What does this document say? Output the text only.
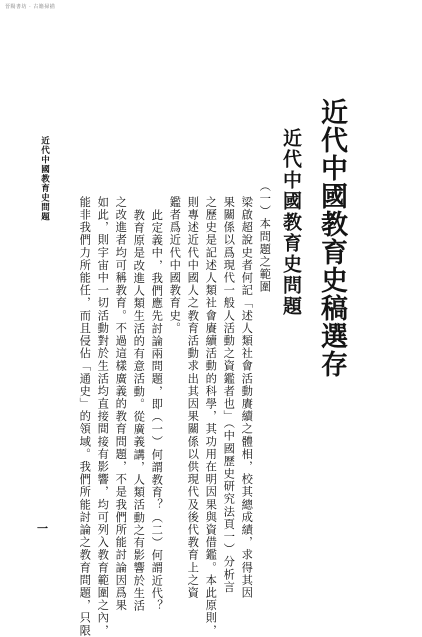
晉陽書坊 · 古籍掃描
近代中國教育史稿選存
近代中國教育史問題
（一）本問題之範圍
梁啟超說史者何記「述人類社會活動賡續之體相，校其總成績，求得其因
果關係以爲現代一般人活動之資鑑者也」（中國歷史研究法頁一）分析言
之歷史是記述人類社會賡續活動的科學，其功用在明因果與資借鑑。本此原則，
則專述近代中國人之教育活動求出其因果關係以供現代及後代教育上之資
鑑者爲近代中國教育史。
此定義中，我們應先討論兩問題，即（一）何謂教育？（二）何謂近代？
教育原是改進人類生活的有意活動。從廣義講，人類活動之有影響於生活
之改進者均可稱教育。不過這樣廣義的教育問題，不是我們所能討論因爲果
如此，則宇宙中一切活動對於生活均直接間接有影響，均可列入教育範圍之內，
能非我們力所能任，而且侵佔「通史」的領域。我們所能討論之教育問題，只限
近代中國教育史問題
一
